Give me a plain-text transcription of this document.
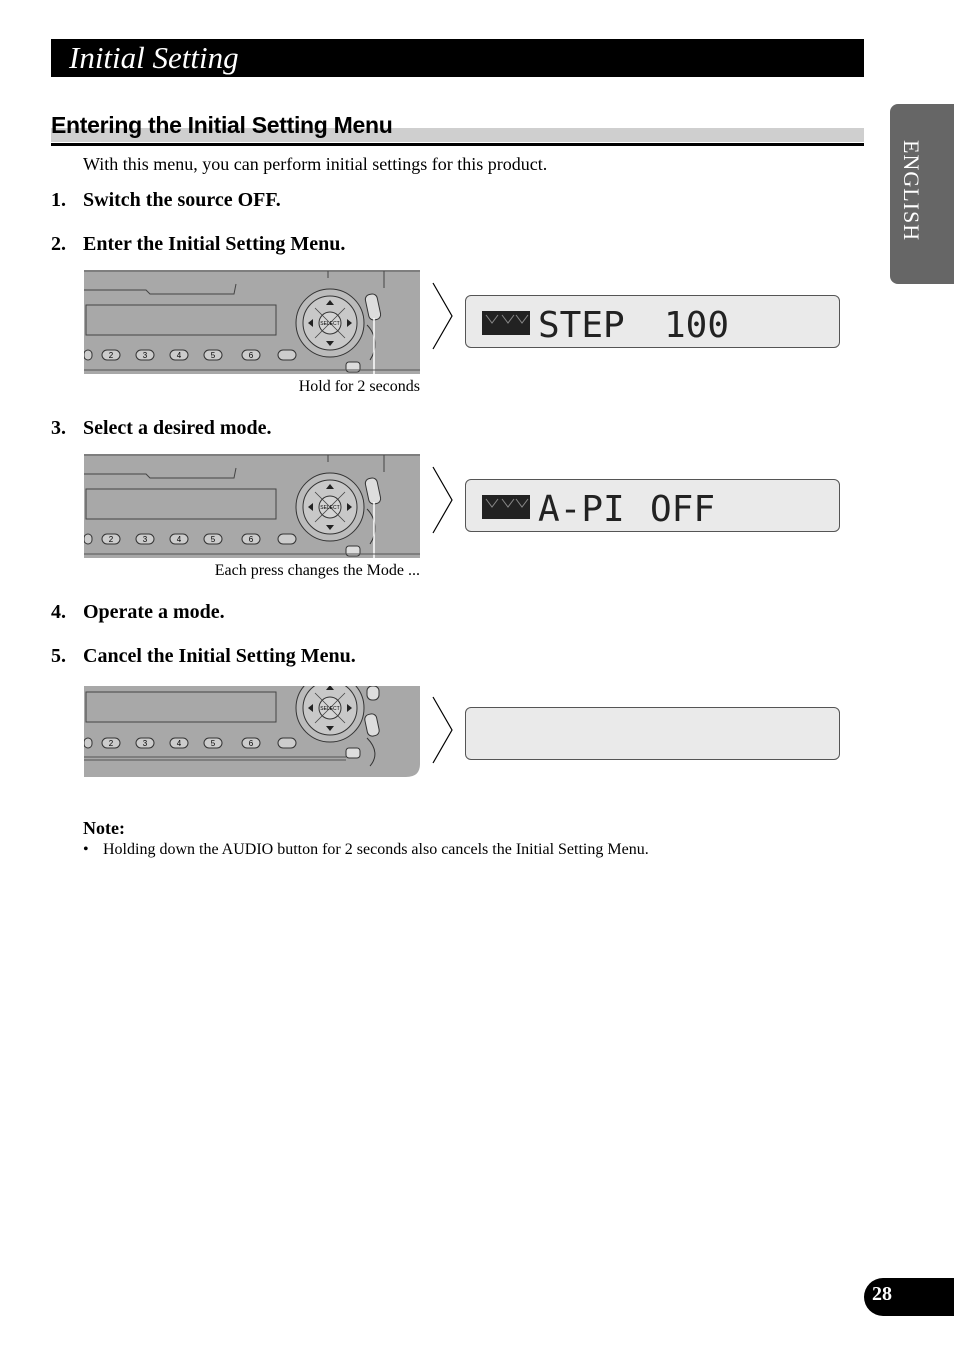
Initial Setting
Entering the Initial Setting Menu
With this menu, you can perform initial settings for this product.
1. Switch the source OFF.
2. Enter the Initial Setting Menu.
SELECT
2	3	4	5	6
Hold for 2 seconds
STEP 100
3. Select a desired mode.
SELECT
2	3	4	5	6
Each press changes the Mode ...
A-PI OFF
4. Operate a mode.
5. Cancel the Initial Setting Menu.
SELECT
2	3	4	5	6
Note:
• Holding down the AUDIO button for 2 seconds also cancels the Initial Setting Menu.
ENGLISH
28
